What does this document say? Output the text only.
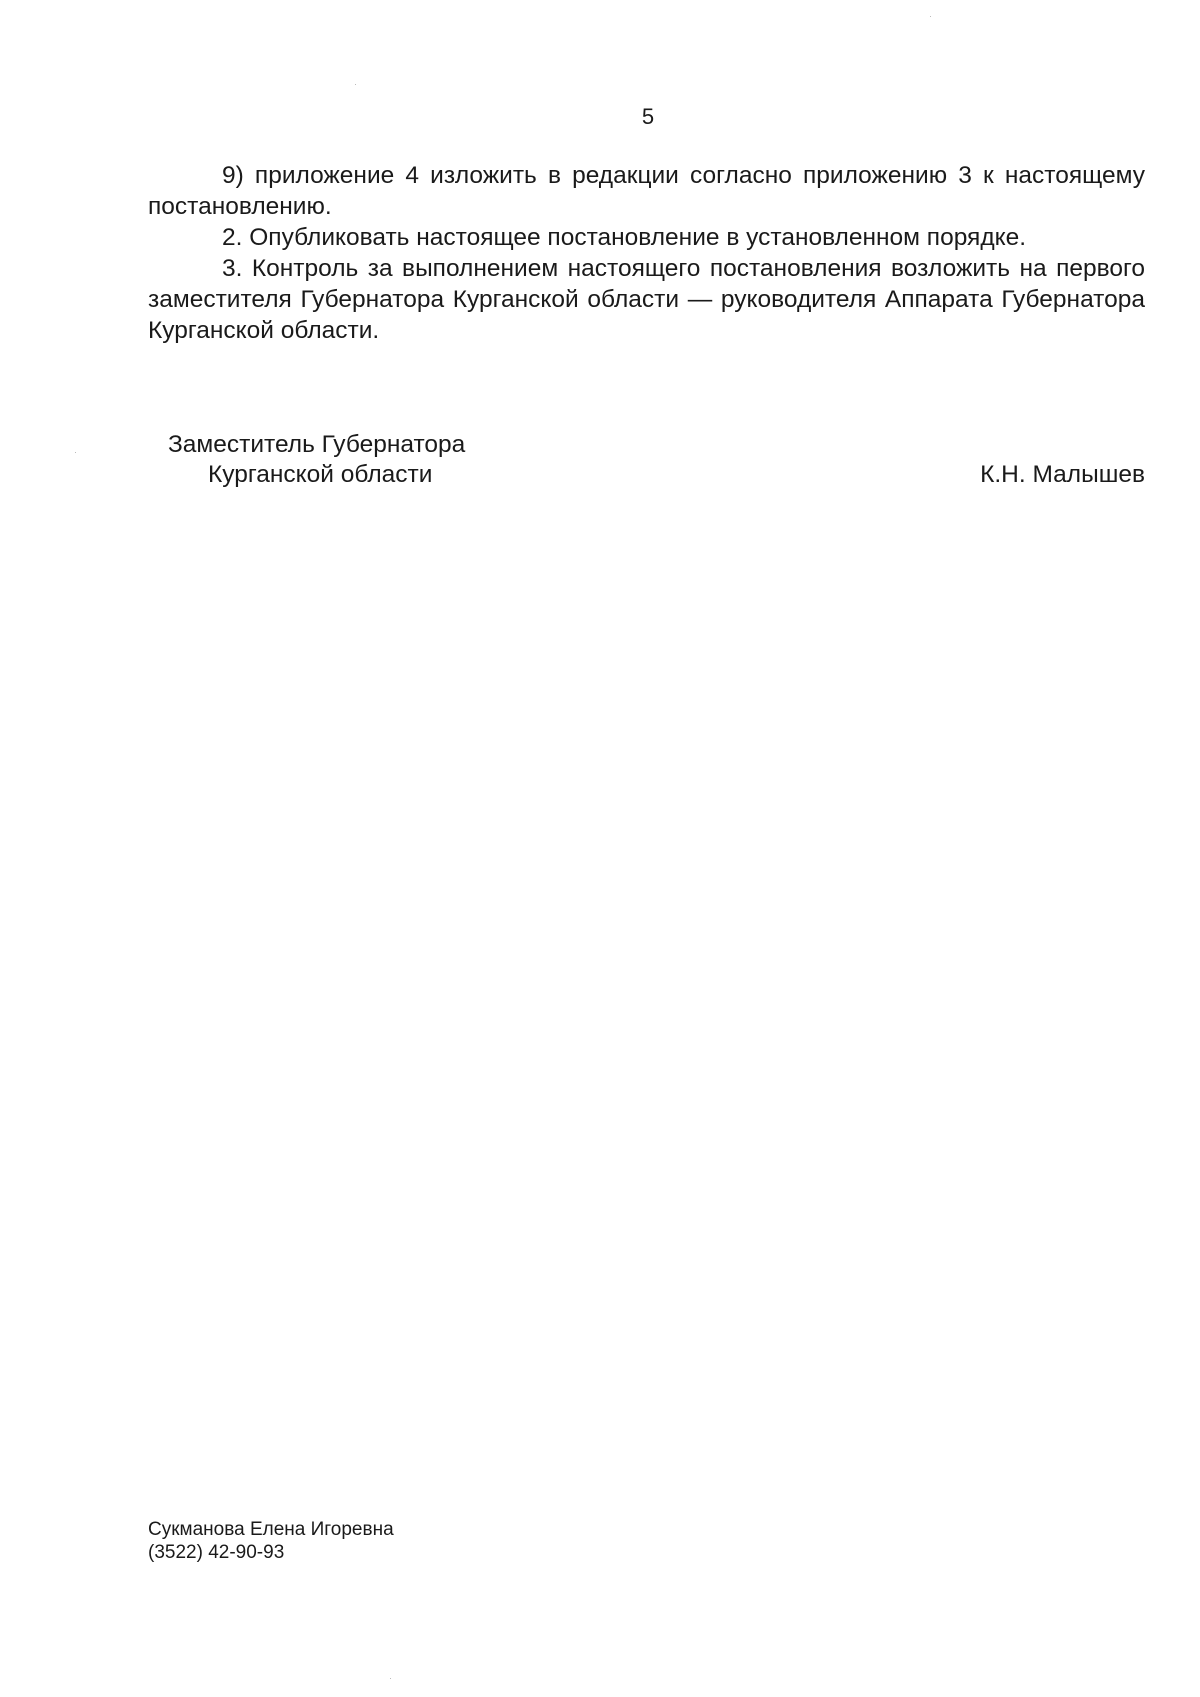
5

9) приложение 4 изложить в редакции согласно приложению 3 к настоящему постановлению.

2. Опубликовать настоящее постановление в установленном порядке.

3. Контроль за выполнением настоящего постановления возложить на первого заместителя Губернатора Курганской области — руководителя Аппарата Губернатора Курганской области.

Заместитель Губернатора
Курганской области	К.Н. Малышев
Сукманова Елена Игоревна
(3522) 42-90-93
